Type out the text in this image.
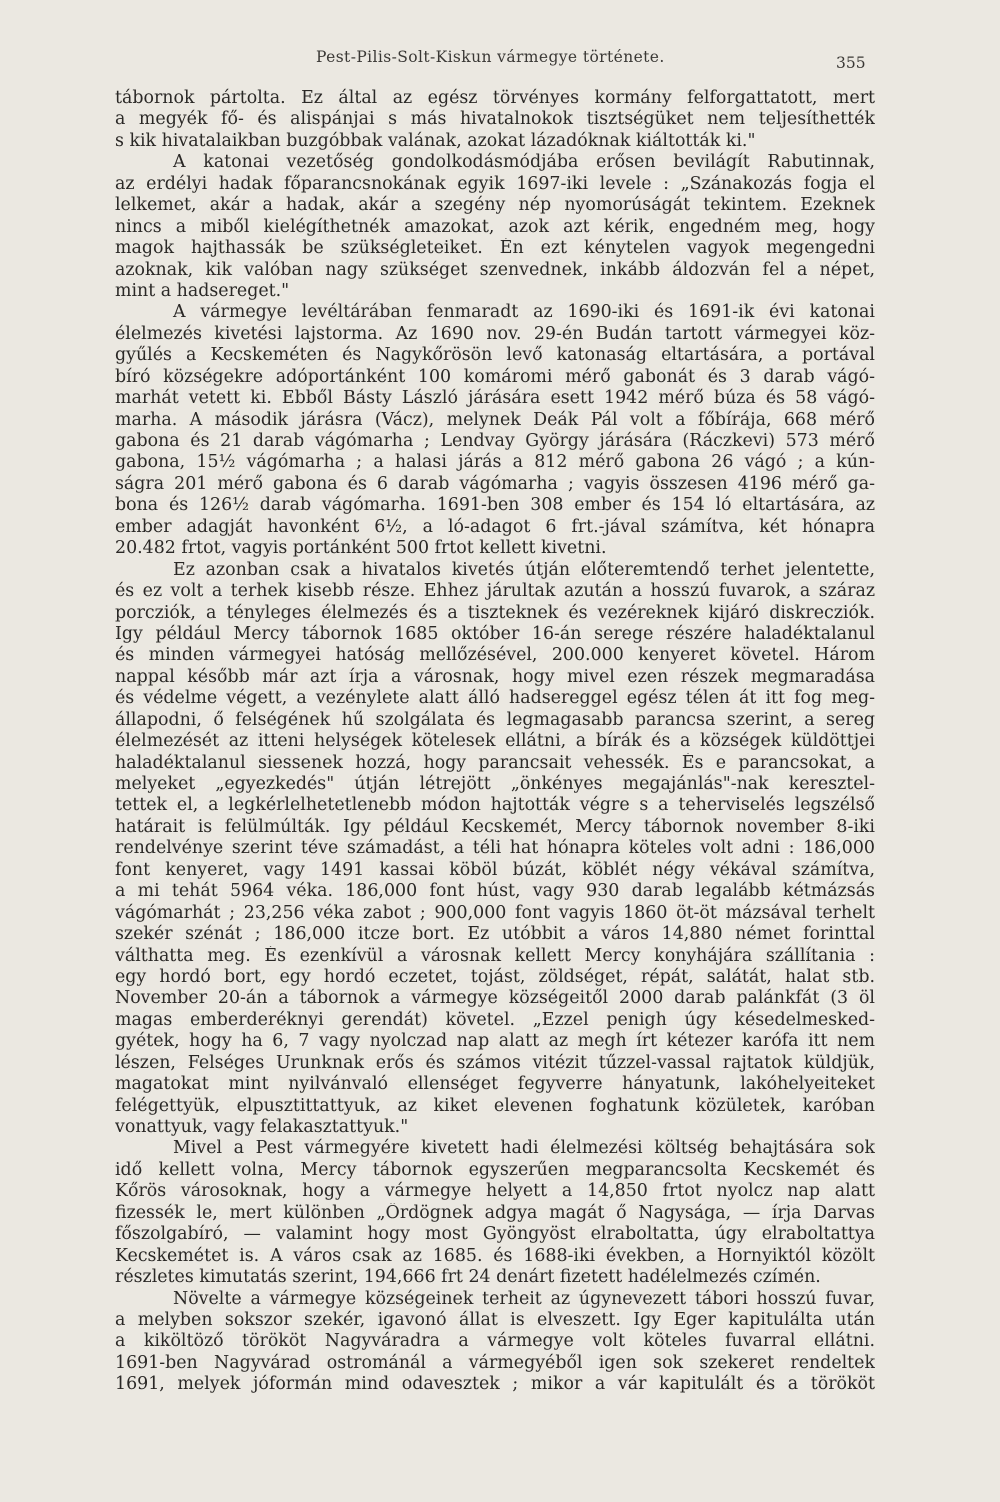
Pest-Pilis-Solt-Kiskun vármegye története.	355
tábornok pártolta. Ez által az egész törvényes kormány felforgattatott, mert
a megyék fő- és alispánjai s más hivatalnokok tisztségüket nem teljesíthették
s kik hivatalaikban buzgóbbak valának, azokat lázadóknak kiáltották ki."
A katonai vezetőség gondolkodásmódjába erősen bevilágít Rabutinnak,
az erdélyi hadak főparancsnokának egyik 1697-iki levele : „Szánakozás fogja el
lelkemet, akár a hadak, akár a szegény nép nyomorúságát tekintem. Ezeknek
nincs a miből kielégíthetnék amazokat, azok azt kérik, engedném meg, hogy
magok hajthassák be szükségleteiket. Én ezt kénytelen vagyok megengedni
azoknak, kik valóban nagy szükséget szenvednek, inkább áldozván fel a népet,
mint a hadsereget."
A vármegye levéltárában fenmaradt az 1690-iki és 1691-ik évi katonai
élelmezés kivetési lajstorma. Az 1690 nov. 29-én Budán tartott vármegyei köz-
gyűlés a Kecskeméten és Nagykőrösön levő katonaság eltartására, a portával
bíró községekre adóportánként 100 komáromi mérő gabonát és 3 darab vágó-
marhát vetett ki. Ebből Básty László járására esett 1942 mérő búza és 58 vágó-
marha. A második járásra (Vácz), melynek Deák Pál volt a főbírája, 668 mérő
gabona és 21 darab vágómarha ; Lendvay György járására (Ráczkevi) 573 mérő
gabona, 15½ vágómarha ; a halasi járás a 812 mérő gabona 26 vágó ; a kún-
ságra 201 mérő gabona és 6 darab vágómarha ; vagyis összesen 4196 mérő ga-
bona és 126½ darab vágómarha. 1691-ben 308 ember és 154 ló eltartására, az
ember adagját havonként 6½, a ló-adagot 6 frt.-jával számítva, két hónapra
20.482 frtot, vagyis portánként 500 frtot kellett kivetni.
Ez azonban csak a hivatalos kivetés útján előteremtendő terhet jelentette,
és ez volt a terhek kisebb része. Ehhez járultak azután a hosszú fuvarok, a száraz
porcziók, a tényleges élelmezés és a tiszteknek és vezéreknek kijáró diskrecziók.
Igy például Mercy tábornok 1685 október 16-án serege részére haladéktalanul
és minden vármegyei hatóság mellőzésével, 200.000 kenyeret követel. Három
nappal később már azt írja a városnak, hogy mivel ezen részek megmaradása
és védelme végett, a vezénylete alatt álló hadsereggel egész télen át itt fog meg-
állapodni, ő felségének hű szolgálata és legmagasabb parancsa szerint, a sereg
élelmezését az itteni helységek kötelesek ellátni, a bírák és a községek küldöttjei
haladéktalanul siessenek hozzá, hogy parancsait vehessék. És e parancsokat, a
melyeket „egyezkedés" útján létrejött „önkényes megajánlás"-nak keresztel-
tettek el, a legkérlelhetetlenebb módon hajtották végre s a teherviselés legszélső
határait is felülmúlták. Igy például Kecskemét, Mercy tábornok november 8-iki
rendelvénye szerint téve számadást, a téli hat hónapra köteles volt adni : 186,000
font kenyeret, vagy 1491 kassai köböl búzát, köblét négy vékával számítva,
a mi tehát 5964 véka. 186,000 font húst, vagy 930 darab legalább kétmázsás
vágómarhát ; 23,256 véka zabot ; 900,000 font vagyis 1860 öt-öt mázsával terhelt
szekér szénát ; 186,000 itcze bort. Ez utóbbit a város 14,880 német forinttal
válthatta meg. És ezenkívül a városnak kellett Mercy konyhájára szállítania :
egy hordó bort, egy hordó eczetet, tojást, zöldséget, répát, salátát, halat stb.
November 20-án a tábornok a vármegye községeitől 2000 darab palánkfát (3 öl
magas emberderéknyi gerendát) követel. „Ezzel penigh úgy késedelmesked-
gyétek, hogy ha 6, 7 vagy nyolczad nap alatt az megh írt kétezer karófa itt nem
lészen, Felséges Urunknak erős és számos vitézit tűzzel-vassal rajtatok küldjük,
magatokat mint nyilvánvaló ellenséget fegyverre hányatunk, lakóhelyeiteket
felégettyük, elpusztittattyuk, az kiket elevenen foghatunk közületek, karóban
vonattyuk, vagy felakasztattyuk."
Mivel a Pest vármegyére kivetett hadi élelmezési költség behajtására sok
idő kellett volna, Mercy tábornok egyszerűen megparancsolta Kecskemét és
Kőrös városoknak, hogy a vármegye helyett a 14,850 frtot nyolcz nap alatt
fizessék le, mert különben „Ördögnek adgya magát ő Nagysága, — írja Darvas
főszolgabíró, — valamint hogy most Gyöngyöst elraboltatta, úgy elraboltattya
Kecskemétet is. A város csak az 1685. és 1688-iki években, a Hornyiktól közölt
részletes kimutatás szerint, 194,666 frt 24 denárt fizetett hadélelmezés czímén.
Növelte a vármegye községeinek terheit az úgynevezett tábori hosszú fuvar,
a melyben sokszor szekér, igavonó állat is elveszett. Igy Eger kapitulálta után
a kiköltöző törököt Nagyváradra a vármegye volt köteles fuvarral ellátni.
1691-ben Nagyvárad ostrománál a vármegyéből igen sok szekeret rendeltek
1691, melyek jóformán mind odavesztek ; mikor a vár kapitulált és a törököt
